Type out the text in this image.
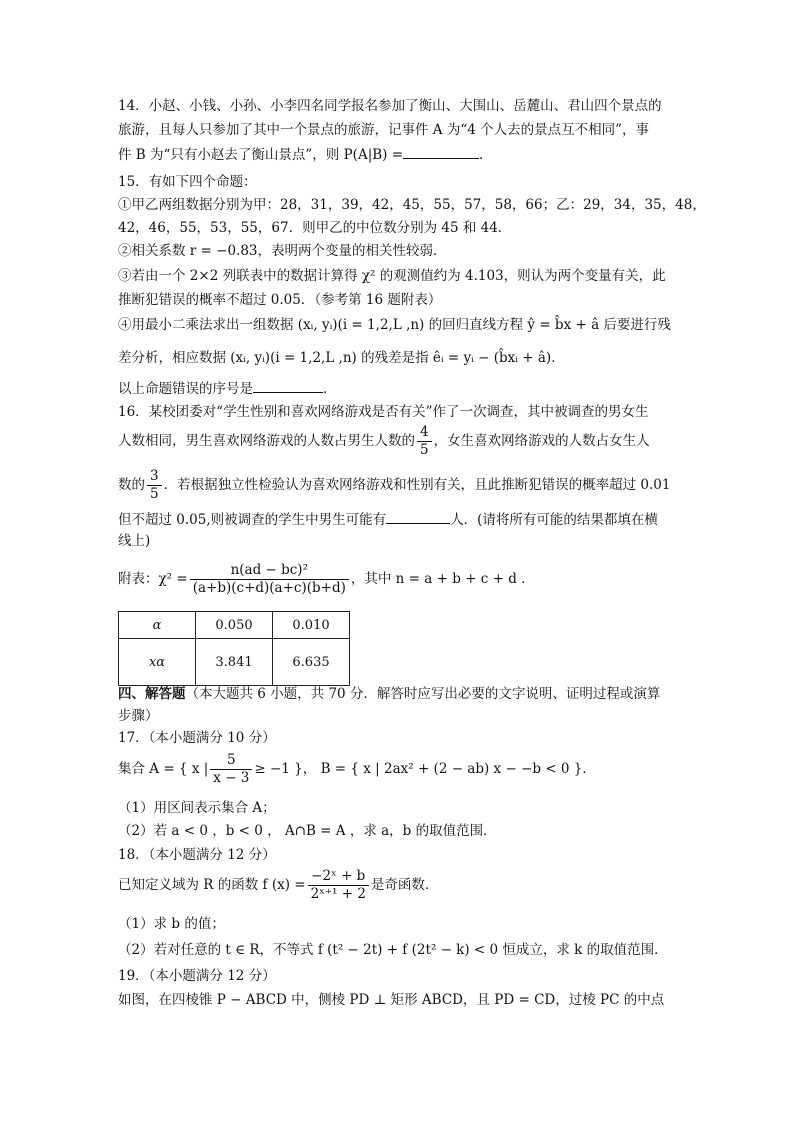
14．小赵、小钱、小孙、小李四名同学报名参加了衡山、大围山、岳麓山、君山四个景点的
旅游，且每人只参加了其中一个景点的旅游，记事件 A 为“4 个人去的景点互不相同”，事
件 B 为“只有小赵去了衡山景点”，则 P(A|B) =	．
15．有如下四个命题：
①甲乙两组数据分别为甲：28，31，39，42，45，55，57，58，66；乙：29，34，35，48，
42，46，55，53，55，67．则甲乙的中位数分别为 45 和 44．
②相关系数 r = −0.83，表明两个变量的相关性较弱．
③若由一个 2×2 列联表中的数据计算得 χ² 的观测值约为 4.103，则认为两个变量有关，此
推断犯错误的概率不超过 0.05．（参考第 16 题附表）
④用最小二乘法求出一组数据 (xᵢ, yᵢ)(i = 1,2,L ,n) 的回归直线方程 ŷ = b̂x + â 后要进行残
差分析，相应数据 (xᵢ, yᵢ)(i = 1,2,L ,n) 的残差是指 êᵢ = yᵢ − (b̂xᵢ + â)．
以上命题错误的序号是	．
16．某校团委对“学生性别和喜欢网络游戏是否有关”作了一次调查，其中被调查的男女生
人数相同，男生喜欢网络游戏的人数占男生人数的 $\frac{4}{5}$ ，女生喜欢网络游戏的人数占女生人
数的 $\frac{3}{5}$ ．若根据独立性检验认为喜欢网络游戏和性别有关，且此推断犯错误的概率超过 0.01
但不超过 0.05,则被调查的学生中男生可能有	人．(请将所有可能的结果都填在横
线上)
附表：$\chi^2 = \frac{\text{n(ad − bc)²}}{(a+b)(c+d)(a+c)(b+d)}$ ，其中 n = a + b + c + d ．
α	0.050	0.010
xα	3.841	6.635
四、解答题（本大题共 6 小题，共 70 分．解答时应写出必要的文字说明、证明过程或演算
步骤）
17．（本小题满分 10 分）
集合 A = { x | $\frac{5}{x - 3} \ge -1$ }， B = { x | 2ax² + (2 − ab) x − −b < 0 }．
（1）用区间表示集合 A；
（2）若 a < 0 ，b < 0 ， A∩B = A ，求 a，b 的取值范围．
18．（本小题满分 12 分）
已知定义域为 R 的函数 f $(x) = \frac{\text{−2ˣ + b}}{\text{2ˣ⁺¹ + 2}}$ 是奇函数．
（1）求 b 的值；
（2）若对任意的 t ∈ R，不等式 f (t² − 2t) + f (2t² − k) < 0 恒成立，求 k 的取值范围．
19．（本小题满分 12 分）
如图，在四棱锥 P − ABCD 中，侧棱 PD ⊥ 矩形 ABCD，且 PD = CD，过棱 PC 的中点
